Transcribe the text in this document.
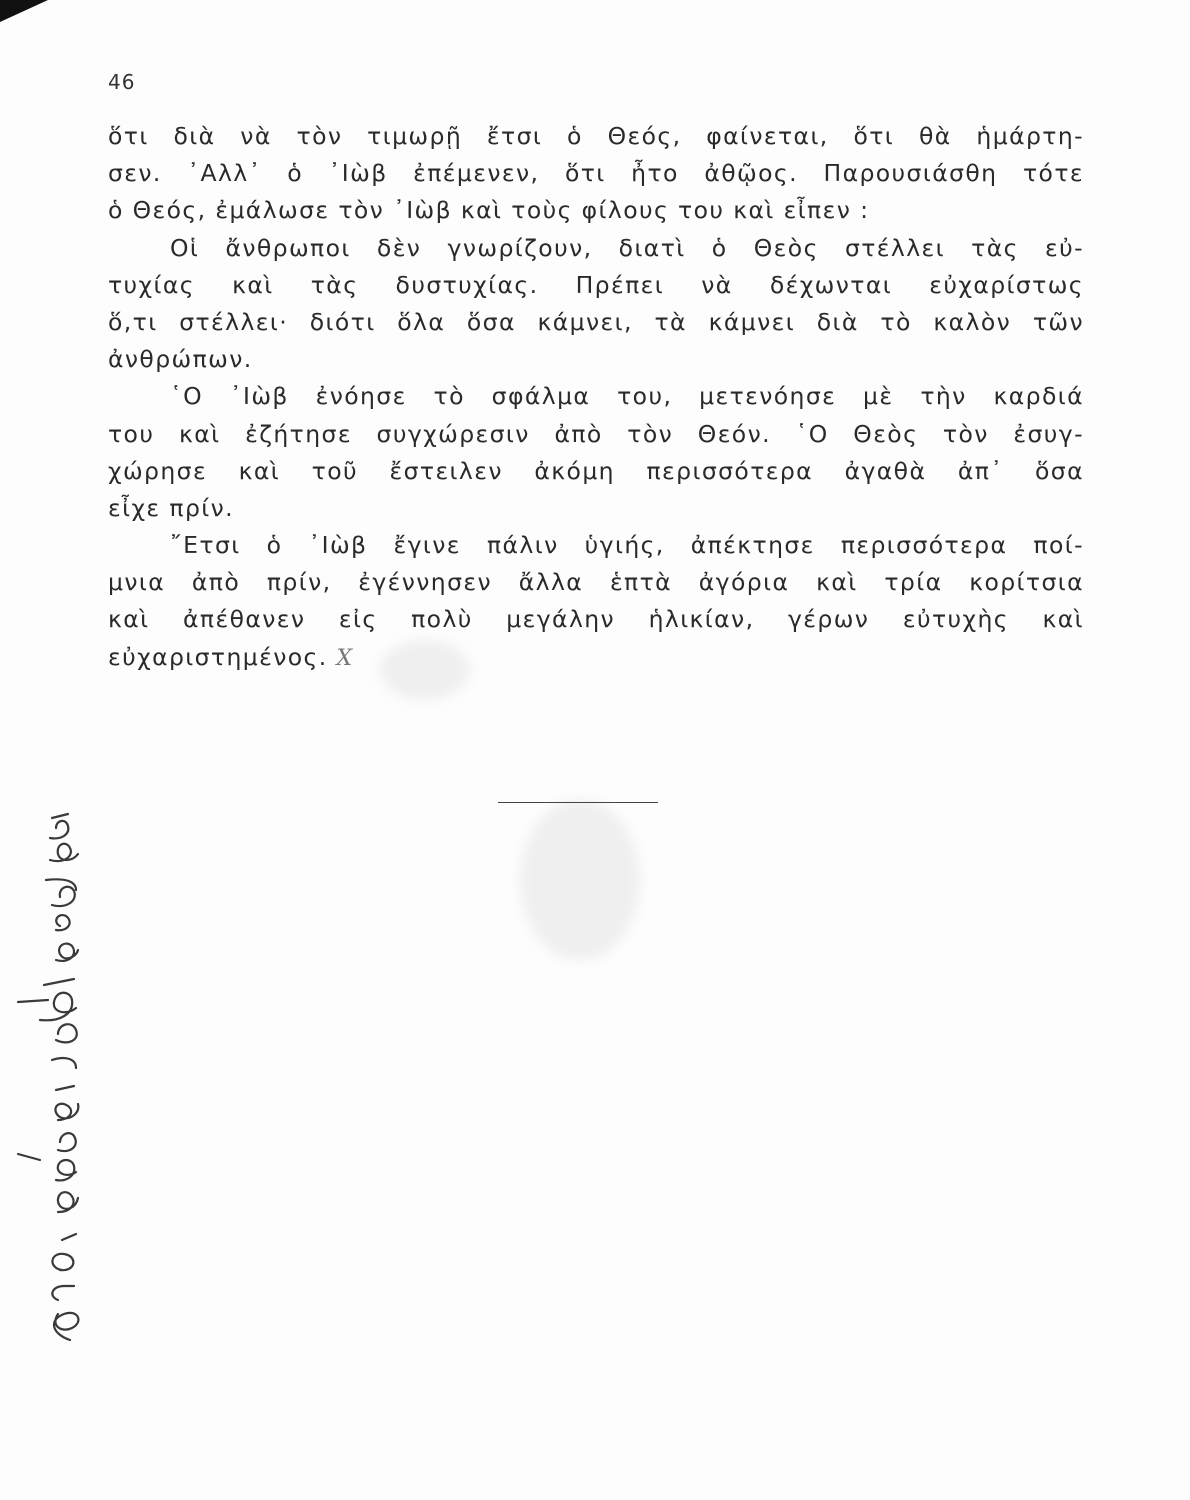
46
ὅτι διὰ νὰ τὸν τιμωρῇ ἔτσι ὁ Θεός, φαίνεται, ὅτι θὰ ἡμάρτη-
σεν. ᾿Αλλ᾿ ὁ ᾿Ιὼβ ἐπέμενεν, ὅτι ἦτο ἀθῷος. Παρουσιάσθη τότε
ὁ Θεός, ἐμάλωσε τὸν ᾿Ιὼβ καὶ τοὺς φίλους του καὶ εἶπεν :
Οἱ ἄνθρωποι δὲν γνωρίζουν, διατὶ ὁ Θεὸς στέλλει τὰς εὐ-
τυχίας καὶ τὰς δυστυχίας. Πρέπει νὰ δέχωνται εὐχαρίστως
ὅ,τι στέλλει· διότι ὅλα ὅσα κάμνει, τὰ κάμνει διὰ τὸ καλὸν τῶν
ἀνθρώπων.
῾Ο ᾿Ιὼβ ἐνόησε τὸ σφάλμα του, μετενόησε μὲ τὴν καρδιά
του καὶ ἐζήτησε συγχώρεσιν ἀπὸ τὸν Θεόν. ῾Ο Θεὸς τὸν ἐσυγ-
χώρησε καὶ τοῦ ἔστειλεν ἀκόμη περισσότερα ἀγαθὰ ἀπ᾿ ὅσα
εἶχε πρίν.
῎Ετσι ὁ ᾿Ιὼβ ἔγινε πάλιν ὑγιής, ἀπέκτησε περισσότερα ποί-
μνια ἀπὸ πρίν, ἐγέννησεν ἄλλα ἑπτὰ ἀγόρια καὶ τρία κορίτσια
καὶ ἀπέθανεν εἰς πολὺ μεγάλην ἡλικίαν, γέρων εὐτυχὴς καὶ
εὐχαριστημένος. X
